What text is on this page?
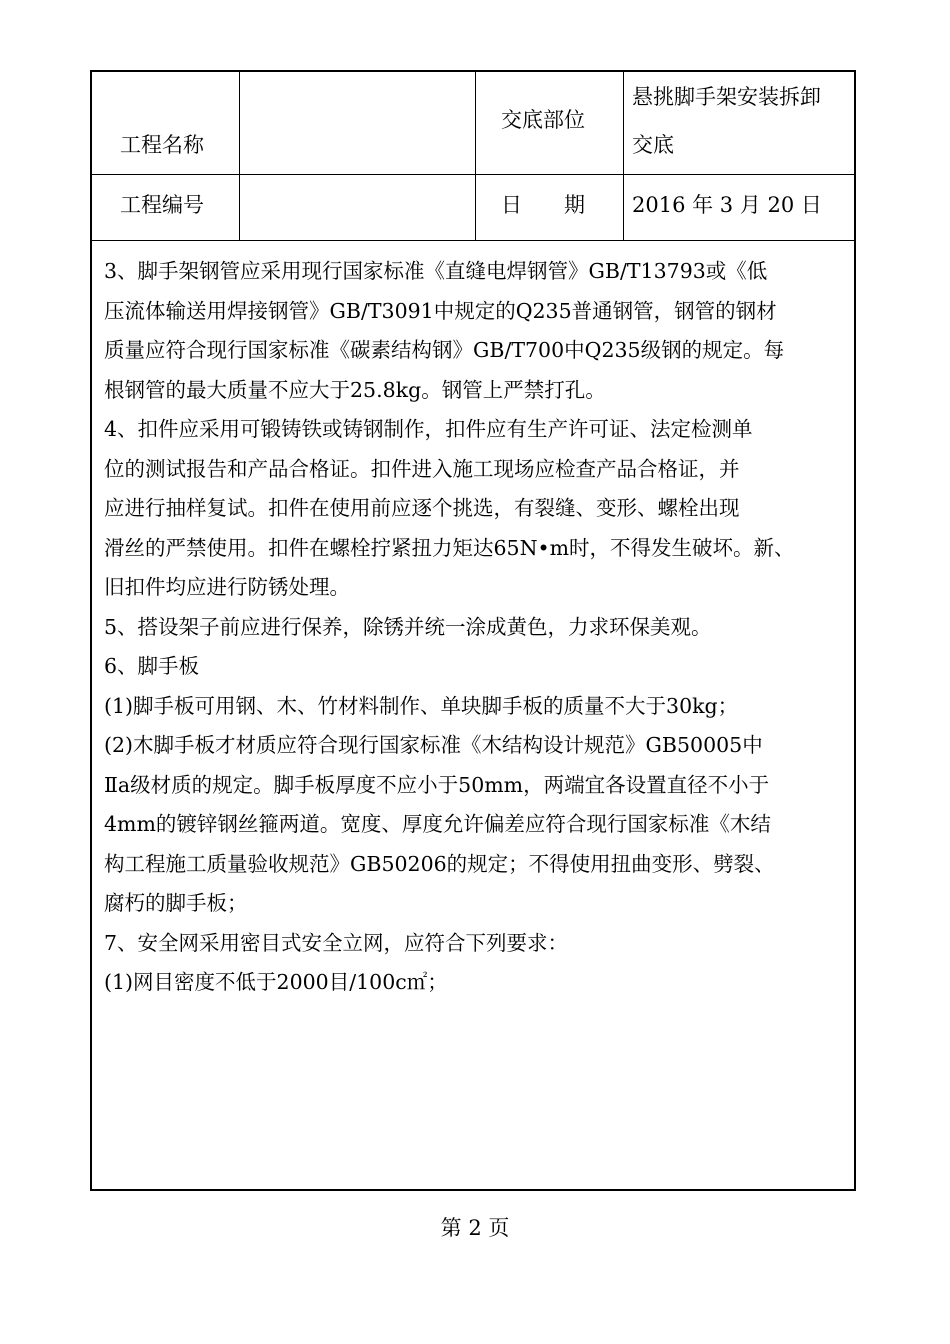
工程名称
交底部位
悬挑脚手架安装拆卸
交底
工程编号	日　　期 2016 年 3 月 20 日
3、脚手架钢管应采用现行国家标准《直缝电焊钢管》GB/T13793或《低
压流体输送用焊接钢管》GB/T3091中规定的Q235普通钢管，钢管的钢材
质量应符合现行国家标准《碳素结构钢》GB/T700中Q235级钢的规定。每
根钢管的最大质量不应大于25.8kg。钢管上严禁打孔。
4、扣件应采用可锻铸铁或铸钢制作，扣件应有生产许可证、法定检测单
位的测试报告和产品合格证。扣件进入施工现场应检查产品合格证，并
应进行抽样复试。扣件在使用前应逐个挑选，有裂缝、变形、螺栓出现
滑丝的严禁使用。扣件在螺栓拧紧扭力矩达65N•m时，不得发生破坏。新、
旧扣件均应进行防锈处理。
5、搭设架子前应进行保养，除锈并统一涂成黄色，力求环保美观。
6、脚手板
(1)脚手板可用钢、木、竹材料制作、单块脚手板的质量不大于30kg；
(2)木脚手板才材质应符合现行国家标准《木结构设计规范》GB50005中
Ⅱa级材质的规定。脚手板厚度不应小于50mm，两端宜各设置直径不小于
4mm的镀锌钢丝箍两道。宽度、厚度允许偏差应符合现行国家标准《木结
构工程施工质量验收规范》GB50206的规定；不得使用扭曲变形、劈裂、
腐朽的脚手板；
7、安全网采用密目式安全立网，应符合下列要求：
(1)网目密度不低于2000目/100c㎡；
第 2 页
